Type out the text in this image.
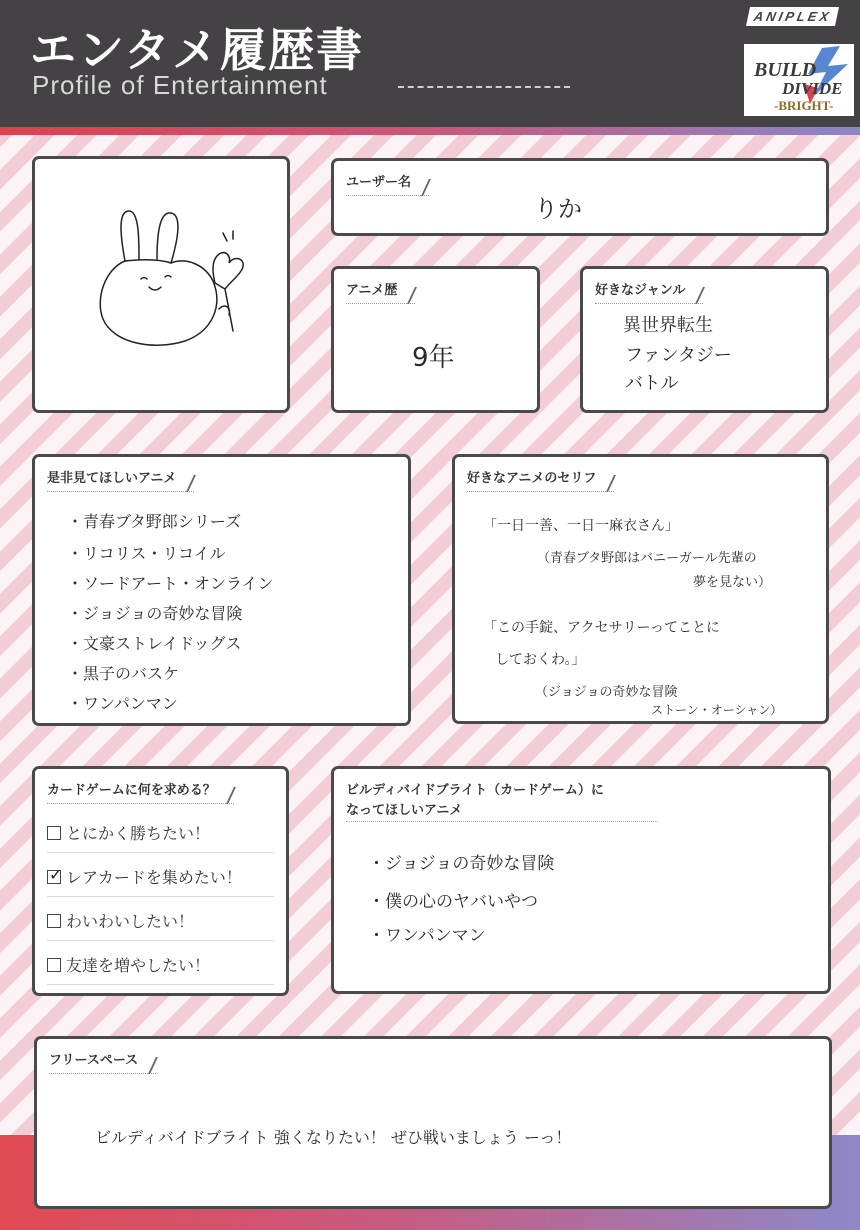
エンタメ履歴書
Profile of Entertainment
ANIPLEX
BUILD
DIVIDE
-BRIGHT-
ユーザー名
りか
アニメ歴
9年
好きなジャンル
異世界転生
ファンタジー
バトル
是非見てほしいアニメ
・青春ブタ野郎シリーズ
・リコリス・リコイル
・ソードアート・オンライン
・ジョジョの奇妙な冒険
・文豪ストレイドッグス
・黒子のバスケ
・ワンパンマン
好きなアニメのセリフ
「一日一善、一日一麻衣さん」
（青春ブタ野郎はバニーガール先輩の
夢を見ない）
「この手錠、アクセサリーってことに
しておくわ。」
（ジョジョの奇妙な冒険
ストーン・オーシャン）
カードゲームに何を求める？
とにかく勝ちたい！
✓ レアカードを集めたい！
わいわいしたい！
友達を増やしたい！
ビルディバイドブライト（カードゲーム）に
なってほしいアニメ
・ジョジョの奇妙な冒険
・僕の心のヤバいやつ
・ワンパンマン
フリースペース
ビルディバイドブライト 強くなりたい！ ぜひ戦いましょう ーっ！
